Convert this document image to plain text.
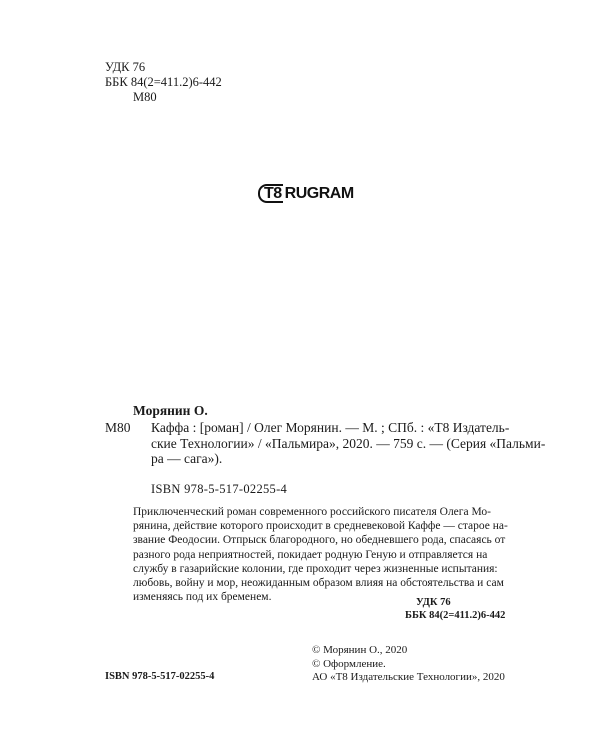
УДК 76
ББК 84(2=411.2)6-442
М80
T8 RUGRAM
Морянин О.
М80 Каффа : [роман] / Олег Морянин. — М. ; СПб. : «Т8 Издатель-
ские Технологии» / «Пальмира», 2020. — 759 с. — (Серия «Пальми-
ра — сага»).
ISBN 978-5-517-02255-4
Приключенческий роман современного российского писателя Олега Мо-
рянина, действие которого происходит в средневековой Каффе — старое на-
звание Феодосии. Отпрыск благородного, но обедневшего рода, спасаясь от
разного рода неприятностей, покидает родную Геную и отправляется на
службу в газарийские колонии, где проходит через жизненные испытания:
любовь, войну и мор, неожиданным образом влияя на обстоятельства и сам
изменяясь под их бременем.	УДК 76
ББК 84(2=411.2)6-442
© Морянин О., 2020
© Оформление.
АО «Т8 Издательские Технологии», 2020
ISBN 978-5-517-02255-4
